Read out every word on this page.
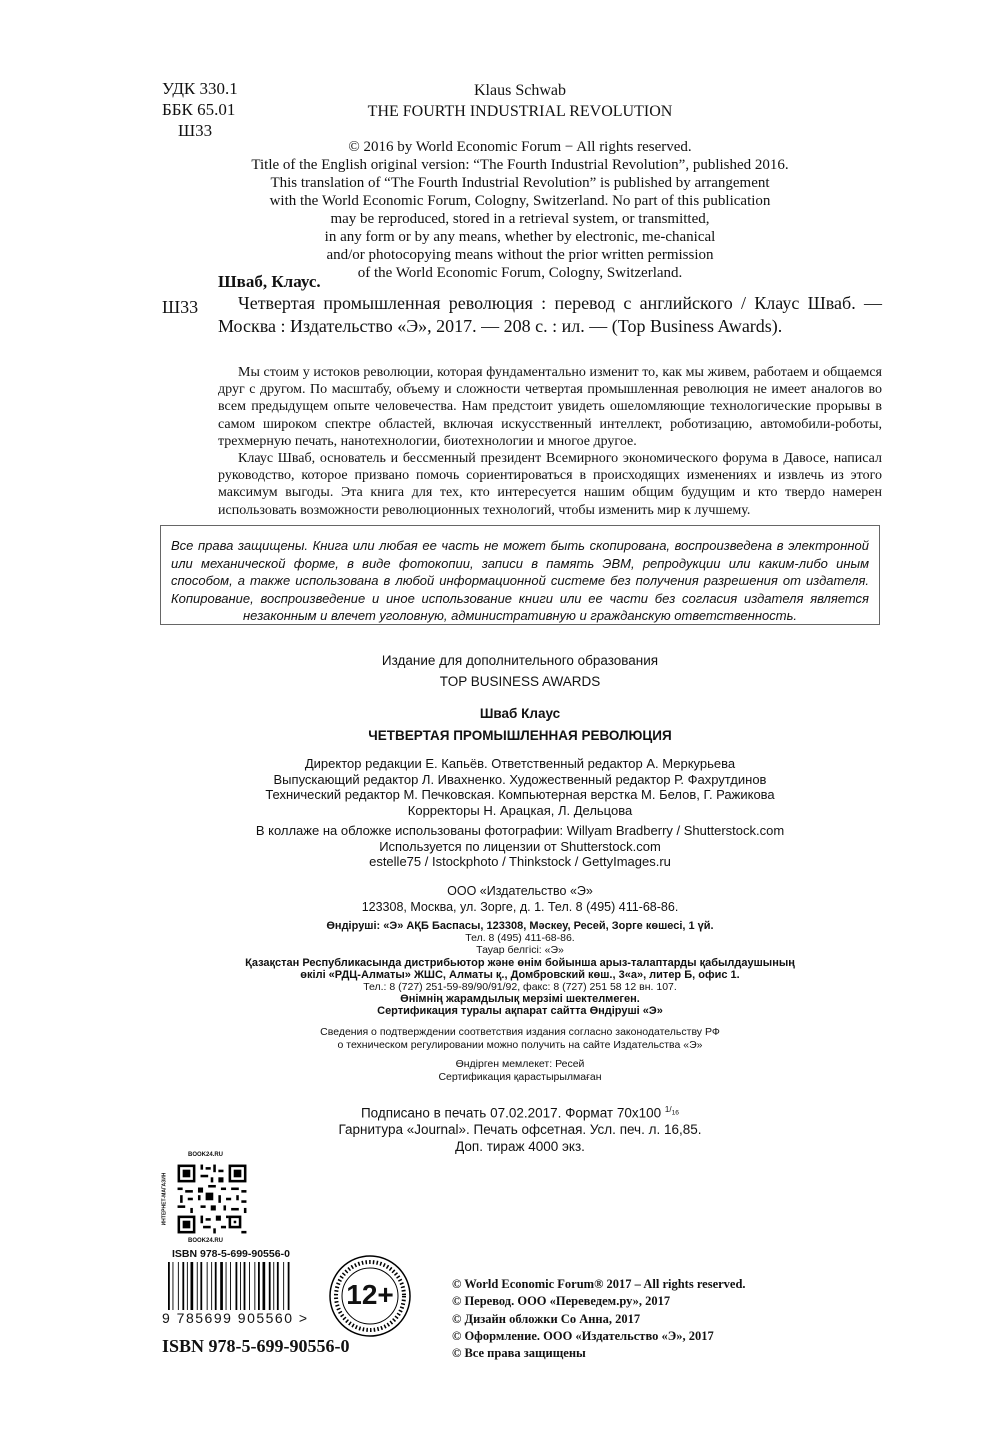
УДК 330.1
ББК 65.01
Ш33
Klaus Schwab
THE FOURTH INDUSTRIAL REVOLUTION
© 2016 by World Economic Forum − All rights reserved.
Title of the English original version: “The Fourth Industrial Revolution”, published 2016.
This translation of “The Fourth Industrial Revolution” is published by arrangement
with the World Economic Forum, Cologny, Switzerland. No part of this publication
may be reproduced, stored in a retrieval system, or transmitted,
in any form or by any means, whether by electronic, me-chanical
and/or photocopying means without the prior written permission
of the World Economic Forum, Cologny, Switzerland.
Шваб, Клаус.
Ш33	Четвертая промышленная революция : перевод с английского / Клаус Шваб. — Москва : Издательство «Э», 2017. — 208 с. : ил. — (Top Business Awards).

Мы стоим у истоков революции, которая фундаментально изменит то, как мы живем, работаем и общаемся друг с другом. По масштабу, объему и сложности четвертая промышленная революция не имеет аналогов во всем предыдущем опыте человечества. Нам предстоит увидеть ошеломляющие технологические прорывы в самом широком спектре областей, включая искусственный интеллект, роботизацию, автомобили-роботы, трехмерную печать, нанотехнологии, биотехнологии и многое другое.

Клаус Шваб, основатель и бессменный президент Всемирного экономического форума в Давосе, написал руководство, которое призвано помочь сориентироваться в происходящих изменениях и извлечь из этого максимум выгоды. Эта книга для тех, кто интересуется нашим общим будущим и кто твердо намерен использовать возможности революционных технологий, чтобы изменить мир к лучшему.

Все права защищены. Книга или любая ее часть не может быть скопирована, воспроизведена в электронной или механической форме, в виде фотокопии, записи в память ЭВМ, репродукции или каким-либо иным способом, а также использована в любой информационной системе без получения разрешения от издателя. Копирование, воспроизведение и иное использование книги или ее части без согласия издателя является незаконным и влечет уголовную, административную и гражданскую ответственность.
Издание для дополнительного образования
TOP BUSINESS AWARDS
Шваб Клаус
ЧЕТВЕРТАЯ ПРОМЫШЛЕННАЯ РЕВОЛЮЦИЯ
Директор редакции Е. Капьёв. Ответственный редактор А. Меркурьева
Выпускающий редактор Л. Ивахненко. Художественный редактор Р. Фахрутдинов
Технический редактор М. Печковская. Компьютерная верстка М. Белов, Г. Ражикова
Корректоры Н. Арацкая, Л. Дельцова
В коллаже на обложке использованы фотографии: Willyam Bradberry / Shutterstock.com
Используется по лицензии от Shutterstock.com
estelle75 / Istockphoto / Thinkstock / GettyImages.ru
ООО «Издательство «Э»
123308, Москва, ул. Зорге, д. 1. Тел. 8 (495) 411-68-86.
Өндіруші: «Э» АҚБ Баспасы, 123308, Мәскеу, Ресей, Зорге көшесі, 1 үй.
Тел. 8 (495) 411-68-86.
Тауар белгісі: «Э»
Қазақстан Республикасында дистрибьютор және өнім бойынша арыз-талаптарды қабылдаушының
өкілі «РДЦ-Алматы» ЖШС, Алматы қ., Домбровский көш., 3«а», литер Б, офис 1.
Тел.: 8 (727) 251-59-89/90/91/92, факс: 8 (727) 251 58 12 вн. 107.
Өнімнің жарамдылық мерзімі шектелмеген.
Сертификация туралы ақпарат сайтта Өндіруші «Э»
Сведения о подтверждении соответствия издания согласно законодательству РФ
о техническом регулировании можно получить на сайте Издательства «Э»
Өндірген мемлекет: Ресей
Сертификация қарастырылмаған
Подписано в печать 07.02.2017. Формат 70x100 $^{1/_{16}}$
Гарнитура «Journal». Печать офсетная. Усл. печ. л. 16,85.
Доп. тираж 4000 экз.
BOOK24.RU
BOOK24.RU
ИНТЕРНЕТ-МАГАЗИН
ISBN 978-5-699-90556-0
9 785699 905560 >
ISBN 978-5-699-90556-0
12+	© World Economic Forum® 2017 – All rights reserved.
© Перевод. ООО «Переведем.ру», 2017
© Дизайн обложки Со Анна, 2017
© Оформление. ООО «Издательство «Э», 2017
© Все права защищены
